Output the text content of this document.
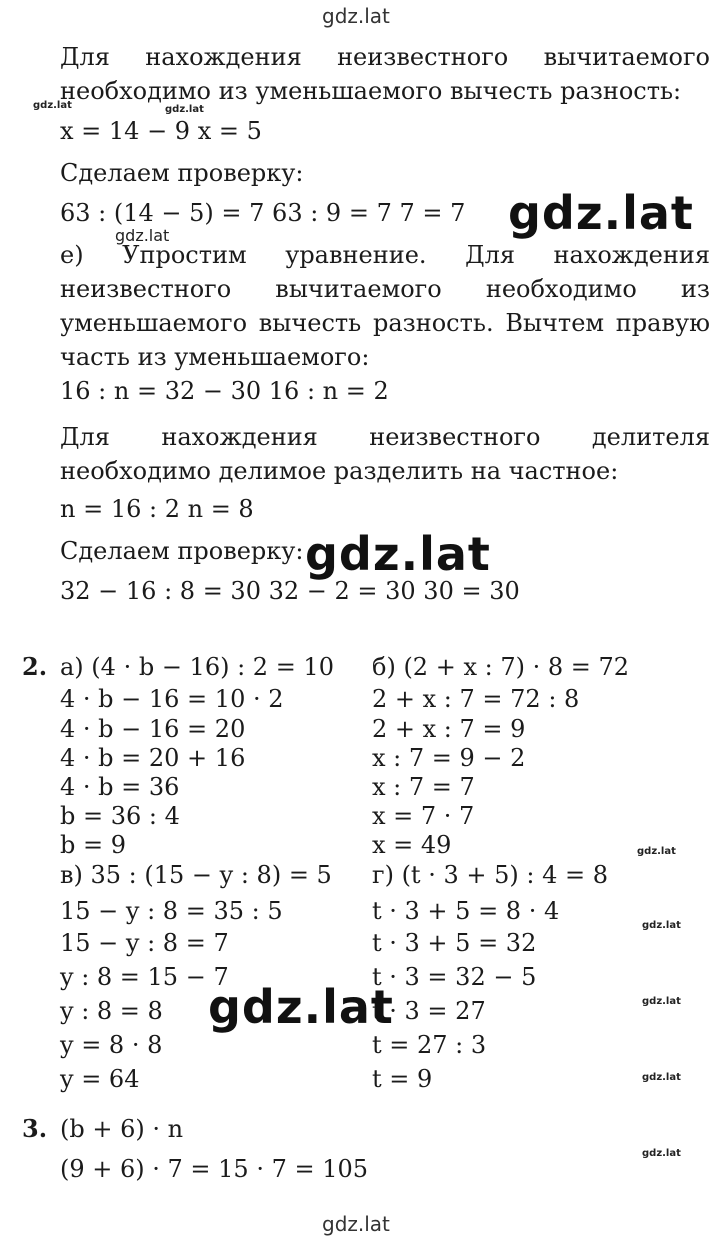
gdz.lat
Для нахождения неизвестного вычитаемого необходимо из уменьшаемого вычесть разность:
gdz.lat	gdz.lat
x = 14 − 9 x = 5
Сделаем проверку:
63 : (14 − 5) = 7 63 : 9 = 7 7 = 7 gdz.lat
gdz.lat
е) Упростим уравнение. Для нахождения неизвестного вычитаемого необходимо из уменьшаемого вычесть разность. Вычтем правую часть из уменьшаемого:
16 : n = 32 − 30 16 : n = 2
Для нахождения неизвестного делителя необходимо делимое разделить на частное:
n = 16 : 2 n = 8
Сделаем проверку: gdz.lat
32 − 16 : 8 = 30 32 − 2 = 30 30 = 30
2. а) (4 · b − 16) : 2 = 10
4 · b − 16 = 10 · 2
4 · b − 16 = 20
4 · b = 20 + 16
4 · b = 36
b = 36 : 4
b = 9
б) (2 + x : 7) · 8 = 72
2 + x : 7 = 72 : 8
2 + x : 7 = 9
x : 7 = 9 − 2
x : 7 = 7
x = 7 · 7
x = 49	gdz.lat
в) 35 : (15 − y : 8) = 5
15 − y : 8 = 35 : 5
15 − y : 8 = 7
y : 8 = 15 − 7
y : 8 = 8
y = 8 · 8
y = 64
г) (t · 3 + 5) : 4 = 8
t · 3 + 5 = 8 · 4
t · 3 + 5 = 32
t · 3 = 32 − 5
t · 3 = 27
t = 27 : 3
t = 9
gdz.lat
gdz.lat
gdz.lat
gdz.lat
3. (b + 6) · n
gdz.lat
(9 + 6) · 7 = 15 · 7 = 105
gdz.lat
